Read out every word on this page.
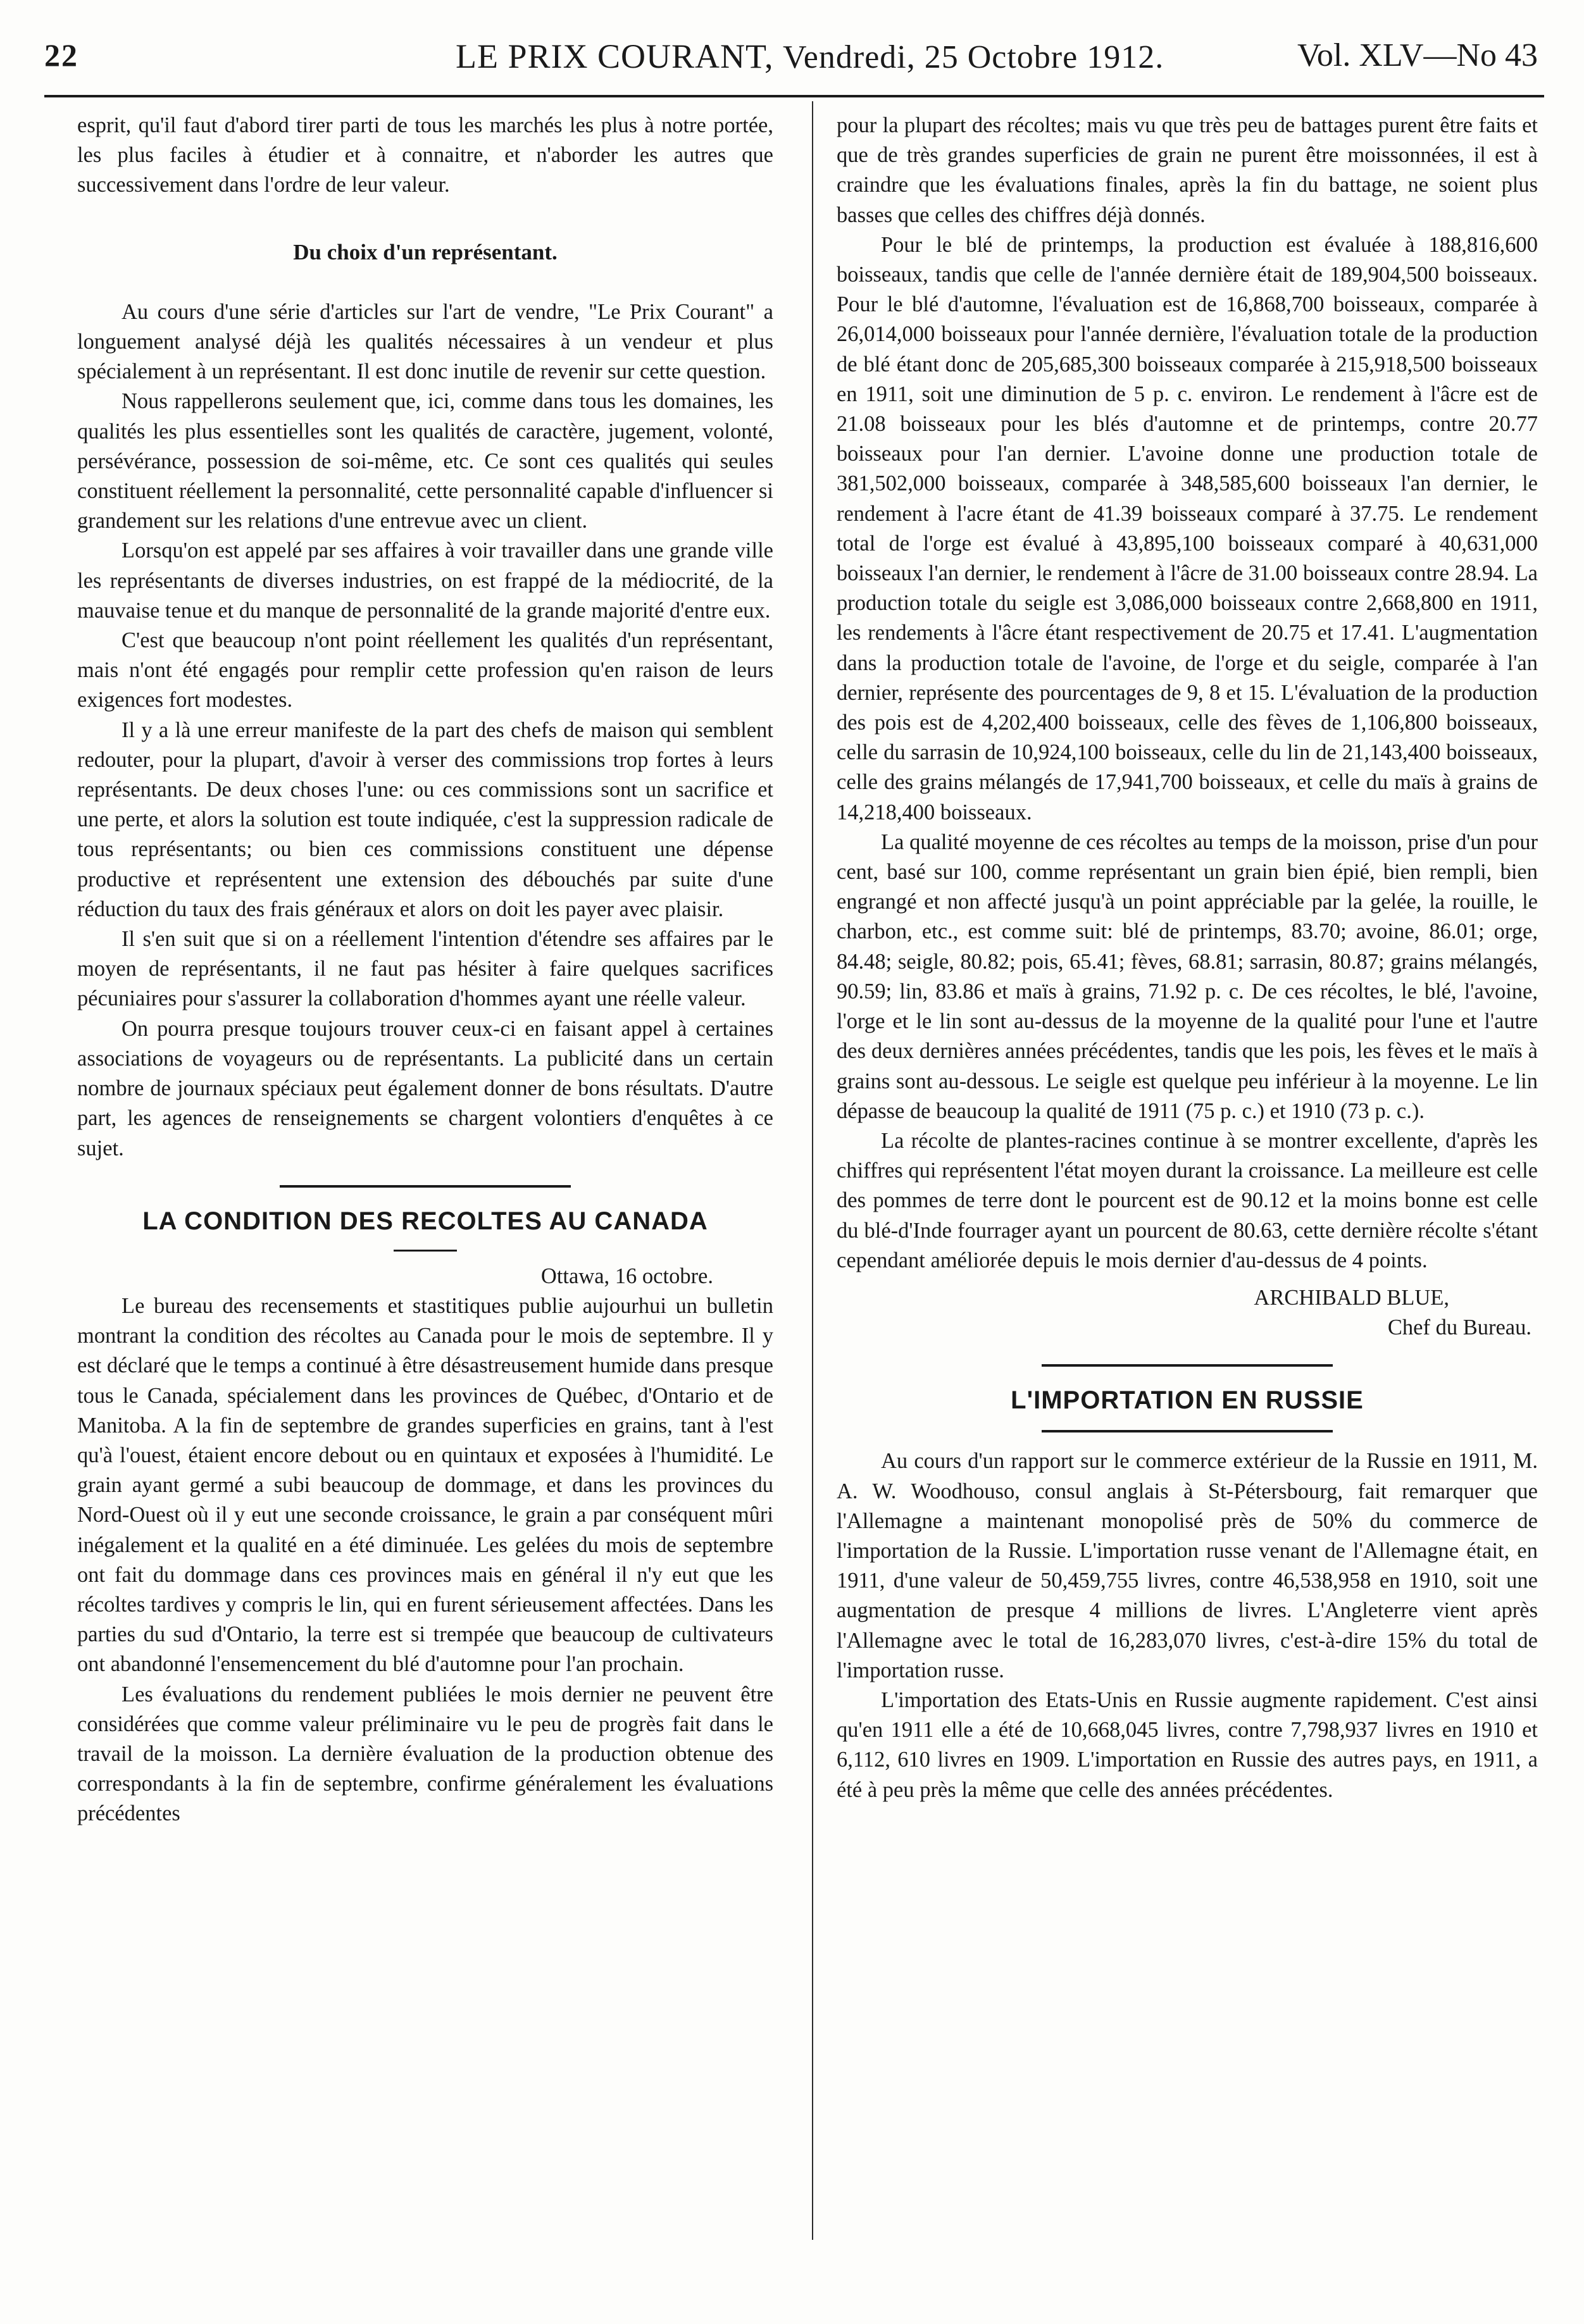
22	LE PRIX COURANT, Vendredi, 25 Octobre 1912.	Vol. XLV—No 43

esprit, qu'il faut d'abord tirer parti de tous les marchés les plus à notre portée, les plus faciles à étudier et à connaitre, et n'aborder les autres que successivement dans l'ordre de leur valeur.

Du choix d'un représentant.

Au cours d'une série d'articles sur l'art de vendre, "Le Prix Courant" a longuement analysé déjà les qualités nécessaires à un vendeur et plus spécialement à un représentant. Il est donc inutile de revenir sur cette question.

Nous rappellerons seulement que, ici, comme dans tous les domaines, les qualités les plus essentielles sont les qualités de caractère, jugement, volonté, persévérance, possession de soi-même, etc. Ce sont ces qualités qui seules constituent réellement la personnalité, cette personnalité capable d'influencer si grandement sur les relations d'une entrevue avec un client.

Lorsqu'on est appelé par ses affaires à voir travailler dans une grande ville les représentants de diverses industries, on est frappé de la médiocrité, de la mauvaise tenue et du manque de personnalité de la grande majorité d'entre eux.

C'est que beaucoup n'ont point réellement les qualités d'un représentant, mais n'ont été engagés pour remplir cette profession qu'en raison de leurs exigences fort modestes.

Il y a là une erreur manifeste de la part des chefs de maison qui semblent redouter, pour la plupart, d'avoir à verser des commissions trop fortes à leurs représentants. De deux choses l'une: ou ces commissions sont un sacrifice et une perte, et alors la solution est toute indiquée, c'est la suppression radicale de tous représentants; ou bien ces commissions constituent une dépense productive et représentent une extension des débouchés par suite d'une réduction du taux des frais généraux et alors on doit les payer avec plaisir.

Il s'en suit que si on a réellement l'intention d'étendre ses affaires par le moyen de représentants, il ne faut pas hésiter à faire quelques sacrifices pécuniaires pour s'assurer la collaboration d'hommes ayant une réelle valeur.

On pourra presque toujours trouver ceux-ci en faisant appel à certaines associations de voyageurs ou de représentants. La publicité dans un certain nombre de journaux spéciaux peut également donner de bons résultats. D'autre part, les agences de renseignements se chargent volontiers d'enquêtes à ce sujet.

LA CONDITION DES RECOLTES AU CANADA

Ottawa, 16 octobre.

Le bureau des recensements et stastitiques publie aujourhui un bulletin montrant la condition des récoltes au Canada pour le mois de septembre. Il y est déclaré que le temps a continué à être désastreusement humide dans presque tous le Canada, spécialement dans les provinces de Québec, d'Ontario et de Manitoba. A la fin de septembre de grandes superficies en grains, tant à l'est qu'à l'ouest, étaient encore debout ou en quintaux et exposées à l'humidité. Le grain ayant germé a subi beaucoup de dommage, et dans les provinces du Nord-Ouest où il y eut une seconde croissance, le grain a par conséquent mûri inégalement et la qualité en a été diminuée. Les gelées du mois de septembre ont fait du dommage dans ces provinces mais en général il n'y eut que les récoltes tardives y compris le lin, qui en furent sérieusement affectées. Dans les parties du sud d'Ontario, la terre est si trempée que beaucoup de cultivateurs ont abandonné l'ensemencement du blé d'automne pour l'an prochain.

Les évaluations du rendement publiées le mois dernier ne peuvent être considérées que comme valeur préliminaire vu le peu de progrès fait dans le travail de la moisson. La dernière évaluation de la production obtenue des correspondants à la fin de septembre, confirme généralement les évaluations précédentes

pour la plupart des récoltes; mais vu que très peu de battages purent être faits et que de très grandes superficies de grain ne purent être moissonnées, il est à craindre que les évaluations finales, après la fin du battage, ne soient plus basses que celles des chiffres déjà donnés.

Pour le blé de printemps, la production est évaluée à 188,816,600 boisseaux, tandis que celle de l'année dernière était de 189,904,500 boisseaux. Pour le blé d'automne, l'évaluation est de 16,868,700 boisseaux, comparée à 26,014,000 boisseaux pour l'année dernière, l'évaluation totale de la production de blé étant donc de 205,685,300 boisseaux comparée à 215,918,500 boisseaux en 1911, soit une diminution de 5 p. c. environ. Le rendement à l'âcre est de 21.08 boisseaux pour les blés d'automne et de printemps, contre 20.77 boisseaux pour l'an dernier. L'avoine donne une production totale de 381,502,000 boisseaux, comparée à 348,585,600 boisseaux l'an dernier, le rendement à l'acre étant de 41.39 boisseaux comparé à 37.75. Le rendement total de l'orge est évalué à 43,895,100 boisseaux comparé à 40,631,000 boisseaux l'an dernier, le rendement à l'âcre de 31.00 boisseaux contre 28.94. La production totale du seigle est 3,086,000 boisseaux contre 2,668,800 en 1911, les rendements à l'âcre étant respectivement de 20.75 et 17.41. L'augmentation dans la production totale de l'avoine, de l'orge et du seigle, comparée à l'an dernier, représente des pourcentages de 9, 8 et 15. L'évaluation de la production des pois est de 4,202,400 boisseaux, celle des fèves de 1,106,800 boisseaux, celle du sarrasin de 10,924,100 boisseaux, celle du lin de 21,143,400 boisseaux, celle des grains mélangés de 17,941,700 boisseaux, et celle du maïs à grains de 14,218,400 boisseaux.

La qualité moyenne de ces récoltes au temps de la moisson, prise d'un pour cent, basé sur 100, comme représentant un grain bien épié, bien rempli, bien engrangé et non affecté jusqu'à un point appréciable par la gelée, la rouille, le charbon, etc., est comme suit: blé de printemps, 83.70; avoine, 86.01; orge, 84.48; seigle, 80.82; pois, 65.41; fèves, 68.81; sarrasin, 80.87; grains mélangés, 90.59; lin, 83.86 et maïs à grains, 71.92 p. c. De ces récoltes, le blé, l'avoine, l'orge et le lin sont au-dessus de la moyenne de la qualité pour l'une et l'autre des deux dernières années précédentes, tandis que les pois, les fèves et le maïs à grains sont au-dessous. Le seigle est quelque peu inférieur à la moyenne. Le lin dépasse de beaucoup la qualité de 1911 (75 p. c.) et 1910 (73 p. c.).

La récolte de plantes-racines continue à se montrer excellente, d'après les chiffres qui représentent l'état moyen durant la croissance. La meilleure est celle des pommes de terre dont le pourcent est de 90.12 et la moins bonne est celle du blé-d'Inde fourrager ayant un pourcent de 80.63, cette dernière récolte s'étant cependant améliorée depuis le mois dernier d'au-dessus de 4 points.

ARCHIBALD BLUE,
Chef du Bureau.
L'IMPORTATION EN RUSSIE

Au cours d'un rapport sur le commerce extérieur de la Russie en 1911, M. A. W. Woodhouso, consul anglais à St-Pétersbourg, fait remarquer que l'Allemagne a maintenant monopolisé près de 50% du commerce de l'importation de la Russie. L'importation russe venant de l'Allemagne était, en 1911, d'une valeur de 50,459,755 livres, contre 46,538,958 en 1910, soit une augmentation de presque 4 millions de livres. L'Angleterre vient après l'Allemagne avec le total de 16,283,070 livres, c'est-à-dire 15% du total de l'importation russe.

L'importation des Etats-Unis en Russie augmente rapidement. C'est ainsi qu'en 1911 elle a été de 10,668,045 livres, contre 7,798,937 livres en 1910 et 6,112, 610 livres en 1909. L'importation en Russie des autres pays, en 1911, a été à peu près la même que celle des années précédentes.
